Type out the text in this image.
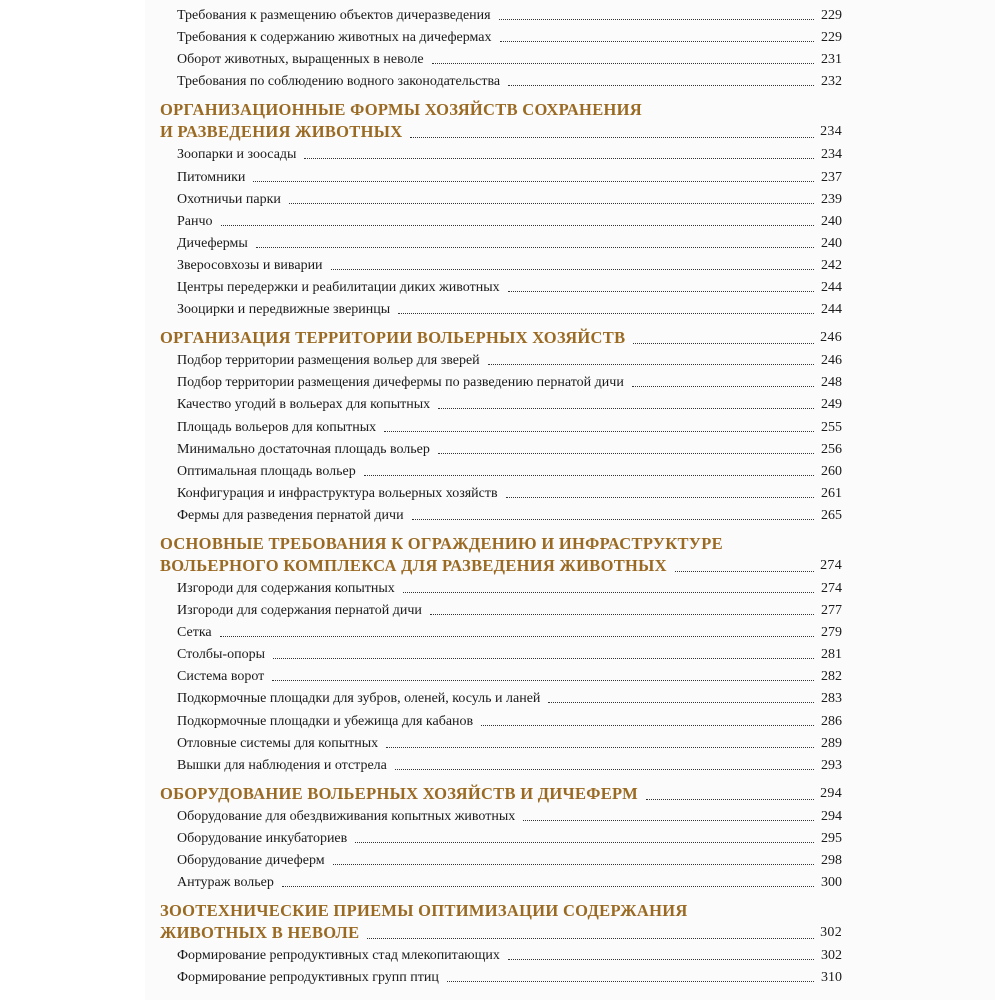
Требования к размещению объектов дичеразведения	229
Требования к содержанию животных на дичефермах	229
Оборот животных, выращенных в неволе	231
Требования по соблюдению водного законодательства	232
ОРГАНИЗАЦИОННЫЕ ФОРМЫ ХОЗЯЙСТВ СОХРАНЕНИЯ
И РАЗВЕДЕНИЯ ЖИВОТНЫХ	234
Зоопарки и зоосады	234
Питомники	237
Охотничьи парки	239
Ранчо	240
Дичефермы	240
Зверосовхозы и виварии	242
Центры передержки и реабилитации диких животных	244
Зооцирки и передвижные зверинцы	244
ОРГАНИЗАЦИЯ ТЕРРИТОРИИ ВОЛЬЕРНЫХ ХОЗЯЙСТВ	246
Подбор территории размещения вольер для зверей	246
Подбор территории размещения дичефермы по разведению пернатой дичи	248
Качество угодий в вольерах для копытных	249
Площадь вольеров для копытных	255
Минимально достаточная площадь вольер	256
Оптимальная площадь вольер	260
Конфигурация и инфраструктура вольерных хозяйств	261
Фермы для разведения пернатой дичи	265
ОСНОВНЫЕ ТРЕБОВАНИЯ К ОГРАЖДЕНИЮ И ИНФРАСТРУКТУРЕ
ВОЛЬЕРНОГО КОМПЛЕКСА ДЛЯ РАЗВЕДЕНИЯ ЖИВОТНЫХ	274
Изгороди для содержания копытных	274
Изгороди для содержания пернатой дичи	277
Сетка	279
Столбы-опоры	281
Система ворот	282
Подкормочные площадки для зубров, оленей, косуль и ланей	283
Подкормочные площадки и убежища для кабанов	286
Отловные системы для копытных	289
Вышки для наблюдения и отстрела	293
ОБОРУДОВАНИЕ ВОЛЬЕРНЫХ ХОЗЯЙСТВ И ДИЧЕФЕРМ	294
Оборудование для обездвиживания копытных животных	294
Оборудование инкубаториев	295
Оборудование дичеферм	298
Антураж вольер	300
ЗООТЕХНИЧЕСКИЕ ПРИЕМЫ ОПТИМИЗАЦИИ СОДЕРЖАНИЯ
ЖИВОТНЫХ В НЕВОЛЕ	302
Формирование репродуктивных стад млекопитающих	302
Формирование репродуктивных групп птиц	310
